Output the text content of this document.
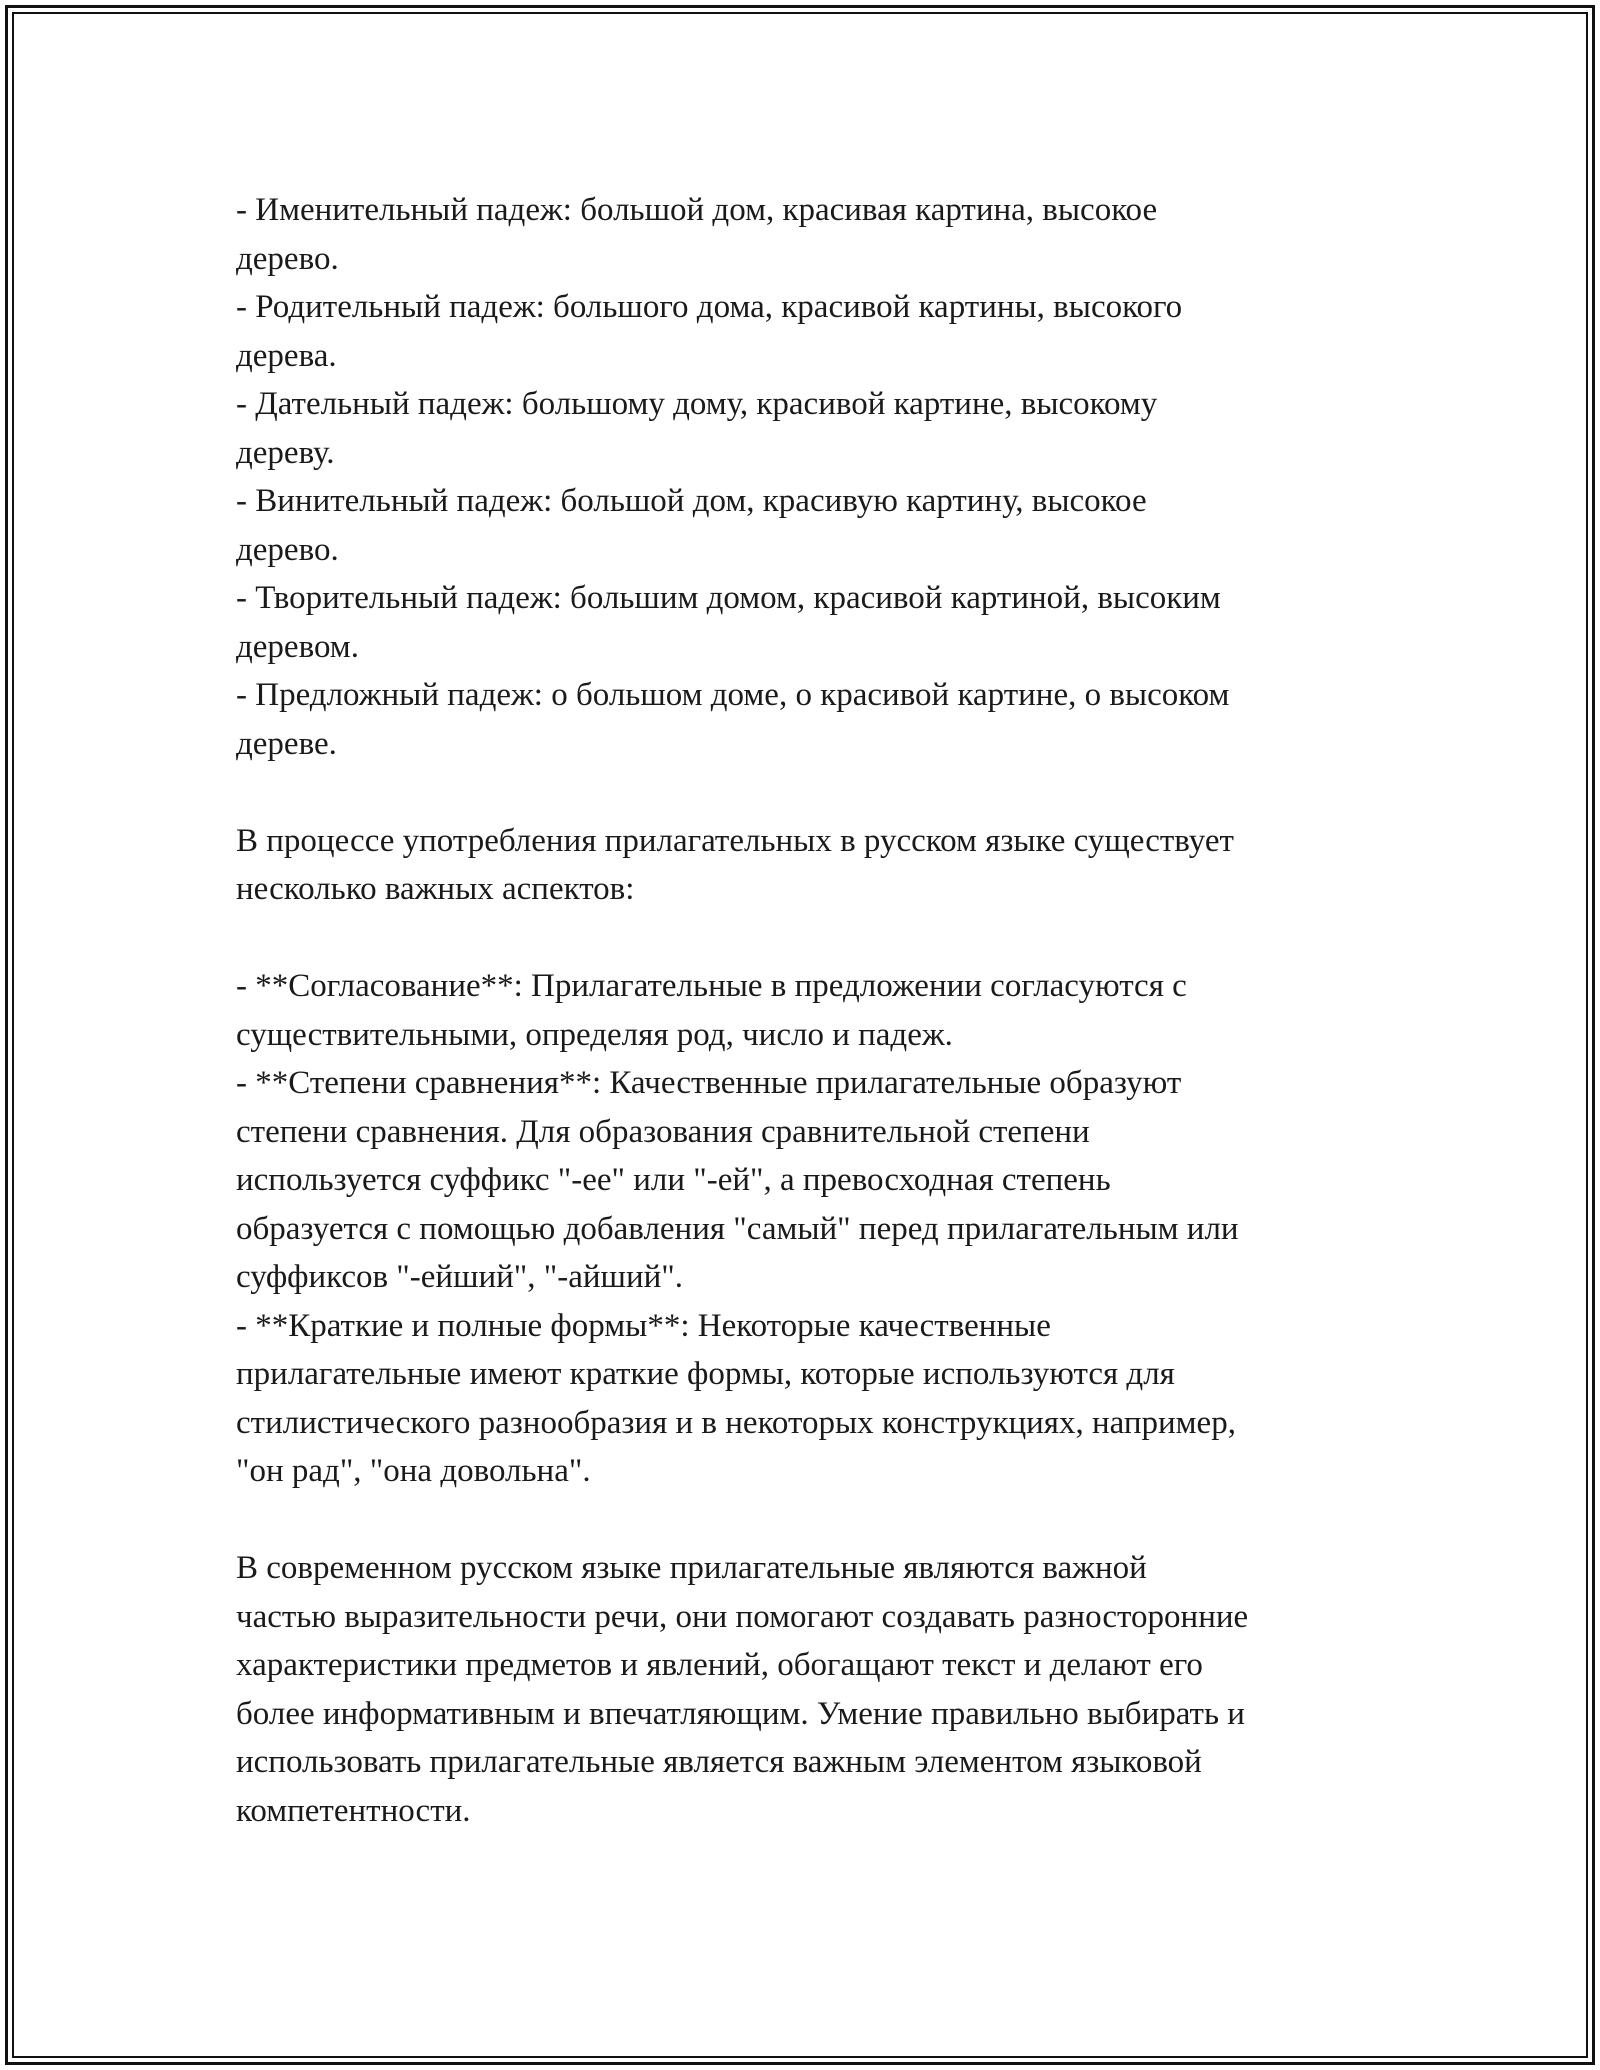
- Именительный падеж: большой дом, красивая картина, высокое
дерево.
- Родительный падеж: большого дома, красивой картины, высокого
дерева.
- Дательный падеж: большому дому, красивой картине, высокому
дереву.
- Винительный падеж: большой дом, красивую картину, высокое
дерево.
- Творительный падеж: большим домом, красивой картиной, высоким
деревом.
- Предложный падеж: о большом доме, о красивой картине, о высоком
дереве.
В процессе употребления прилагательных в русском языке существует
несколько важных аспектов:
- **Согласование**: Прилагательные в предложении согласуются с
существительными, определяя род, число и падеж.
- **Степени сравнения**: Качественные прилагательные образуют
степени сравнения. Для образования сравнительной степени
используется суффикс "-ее" или "-ей", а превосходная степень
образуется с помощью добавления "самый" перед прилагательным или
суффиксов "-ейший", "-айший".
- **Краткие и полные формы**: Некоторые качественные
прилагательные имеют краткие формы, которые используются для
стилистического разнообразия и в некоторых конструкциях, например,
"он рад", "она довольна".
В современном русском языке прилагательные являются важной
частью выразительности речи, они помогают создавать разносторонние
характеристики предметов и явлений, обогащают текст и делают его
более информативным и впечатляющим. Умение правильно выбирать и
использовать прилагательные является важным элементом языковой
компетентности.
